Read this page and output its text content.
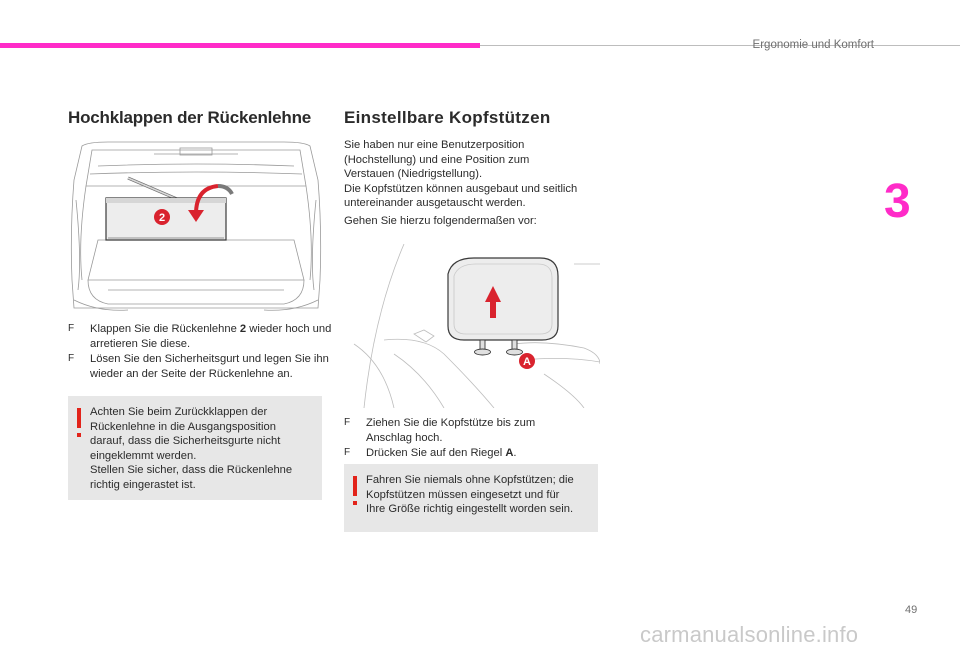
Ergonomie und Komfort
3
Hochklappen der Rückenlehne
2
F Klappen Sie die Rückenlehne 2 wieder hoch und arretieren Sie diese.
F Lösen Sie den Sicherheitsgurt und legen Sie ihn wieder an der Seite der Rückenlehne an.
Achten Sie beim Zurückklappen der
Rückenlehne in die Ausgangsposition
darauf, dass die Sicherheitsgurte nicht
eingeklemmt werden.
Stellen Sie sicher, dass die Rückenlehne
richtig eingerastet ist.
Einstellbare Kopfstützen
Sie haben nur eine Benutzerposition
(Hochstellung) und eine Position zum
Verstauen (Niedrigstellung).
Die Kopfstützen können ausgebaut und seitlich
untereinander ausgetauscht werden.
Gehen Sie hierzu folgendermaßen vor:
A
F Ziehen Sie die Kopfstütze bis zum
Anschlag hoch.
F Drücken Sie auf den Riegel A.
Fahren Sie niemals ohne Kopfstützen; die
Kopfstützen müssen eingesetzt und für
Ihre Größe richtig eingestellt worden sein.
49
carmanualsonline.info
